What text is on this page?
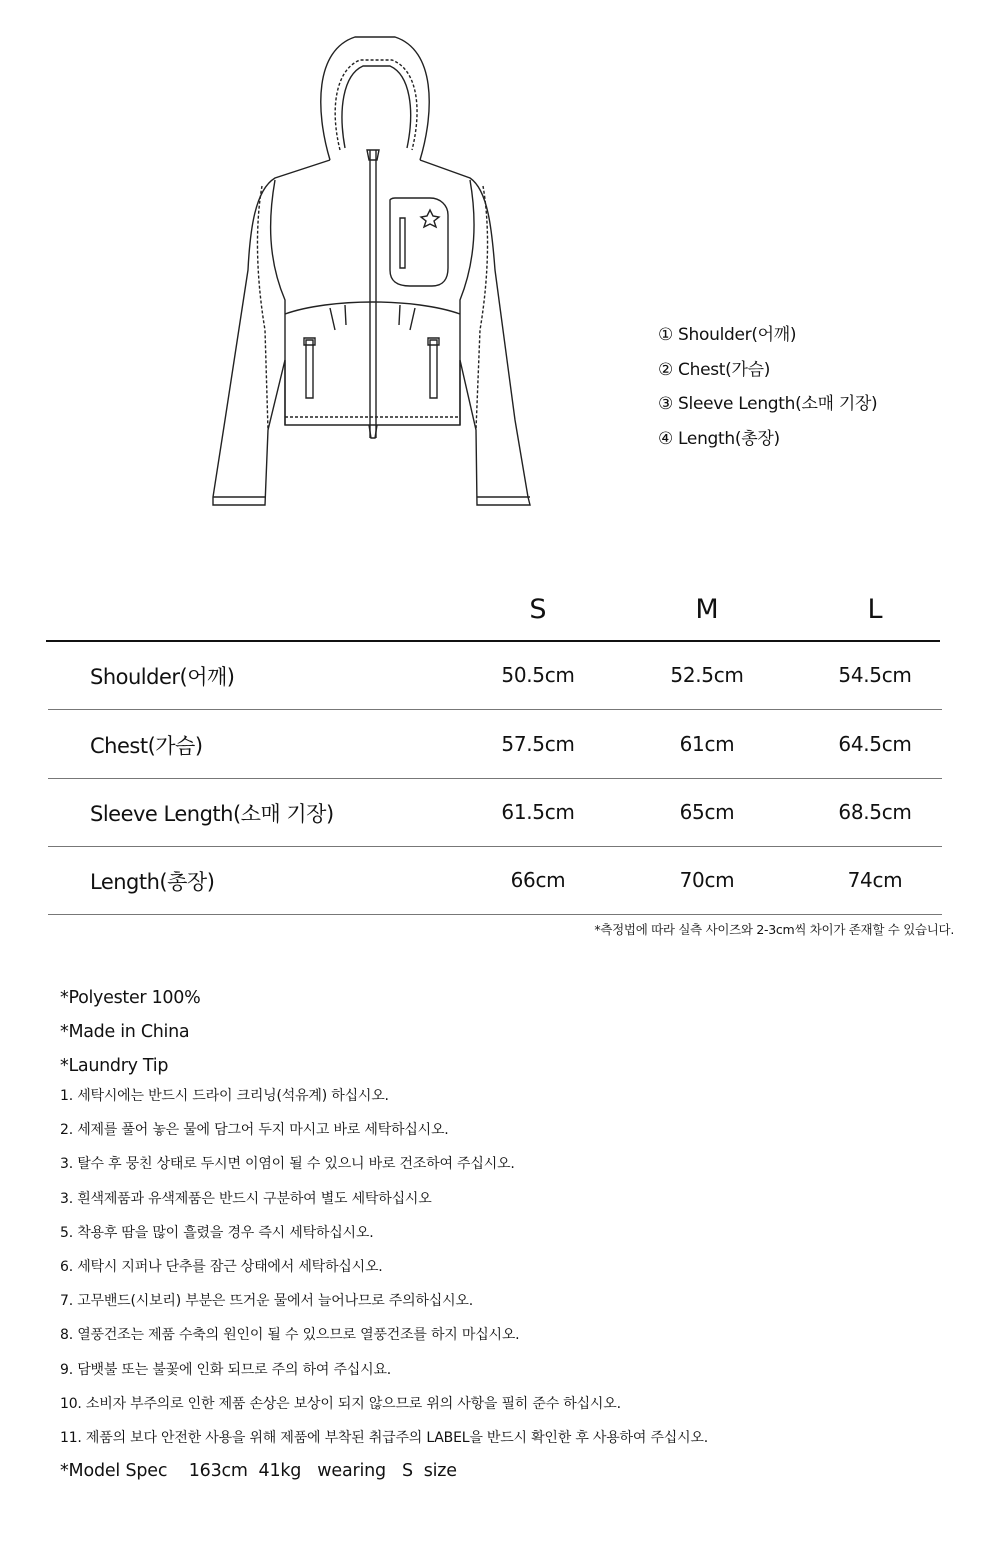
① Shoulder(어깨)
② Chest(가슴)
③ Sleeve Length(소매 기장)
④ Length(총장)
S	M	L
Shoulder(어깨)	50.5cm	52.5cm	54.5cm
Chest(가슴)	57.5cm	61cm	64.5cm
Sleeve Length(소매 기장)	61.5cm	65cm	68.5cm
Length(총장)	66cm	70cm	74cm
*측정법에 따라 실측 사이즈와 2-3cm씩 차이가 존재할 수 있습니다.
*Polyester 100%
*Made in China
*Laundry Tip
1. 세탁시에는 반드시 드라이 크리닝(석유계) 하십시오.
2. 세제를 풀어 놓은 물에 담그어 두지 마시고 바로 세탁하십시오.
3. 탈수 후 뭉친 상태로 두시면 이염이 될 수 있으니 바로 건조하여 주십시오.
3. 흰색제품과 유색제품은 반드시 구분하여 별도 세탁하십시오
5. 착용후 땀을 많이 흘렸을 경우 즉시 세탁하십시오.
6. 세탁시 지퍼나 단추를 잠근 상태에서 세탁하십시오.
7. 고무밴드(시보리) 부분은 뜨거운 물에서 늘어나므로 주의하십시오.
8. 열풍건조는 제품 수축의 원인이 될 수 있으므로 열풍건조를 하지 마십시오.
9. 담뱃불 또는 불꽃에 인화 되므로 주의 하여 주십시요.
10. 소비자 부주의로 인한 제품 손상은 보상이 되지 않으므로 위의 사항을 필히 준수 하십시오.
11. 제품의 보다 안전한 사용을 위해 제품에 부착된 취급주의 LABEL을 반드시 확인한 후 사용하여 주십시오.
*Model Spec    163cm  41kg   wearing   S  size
